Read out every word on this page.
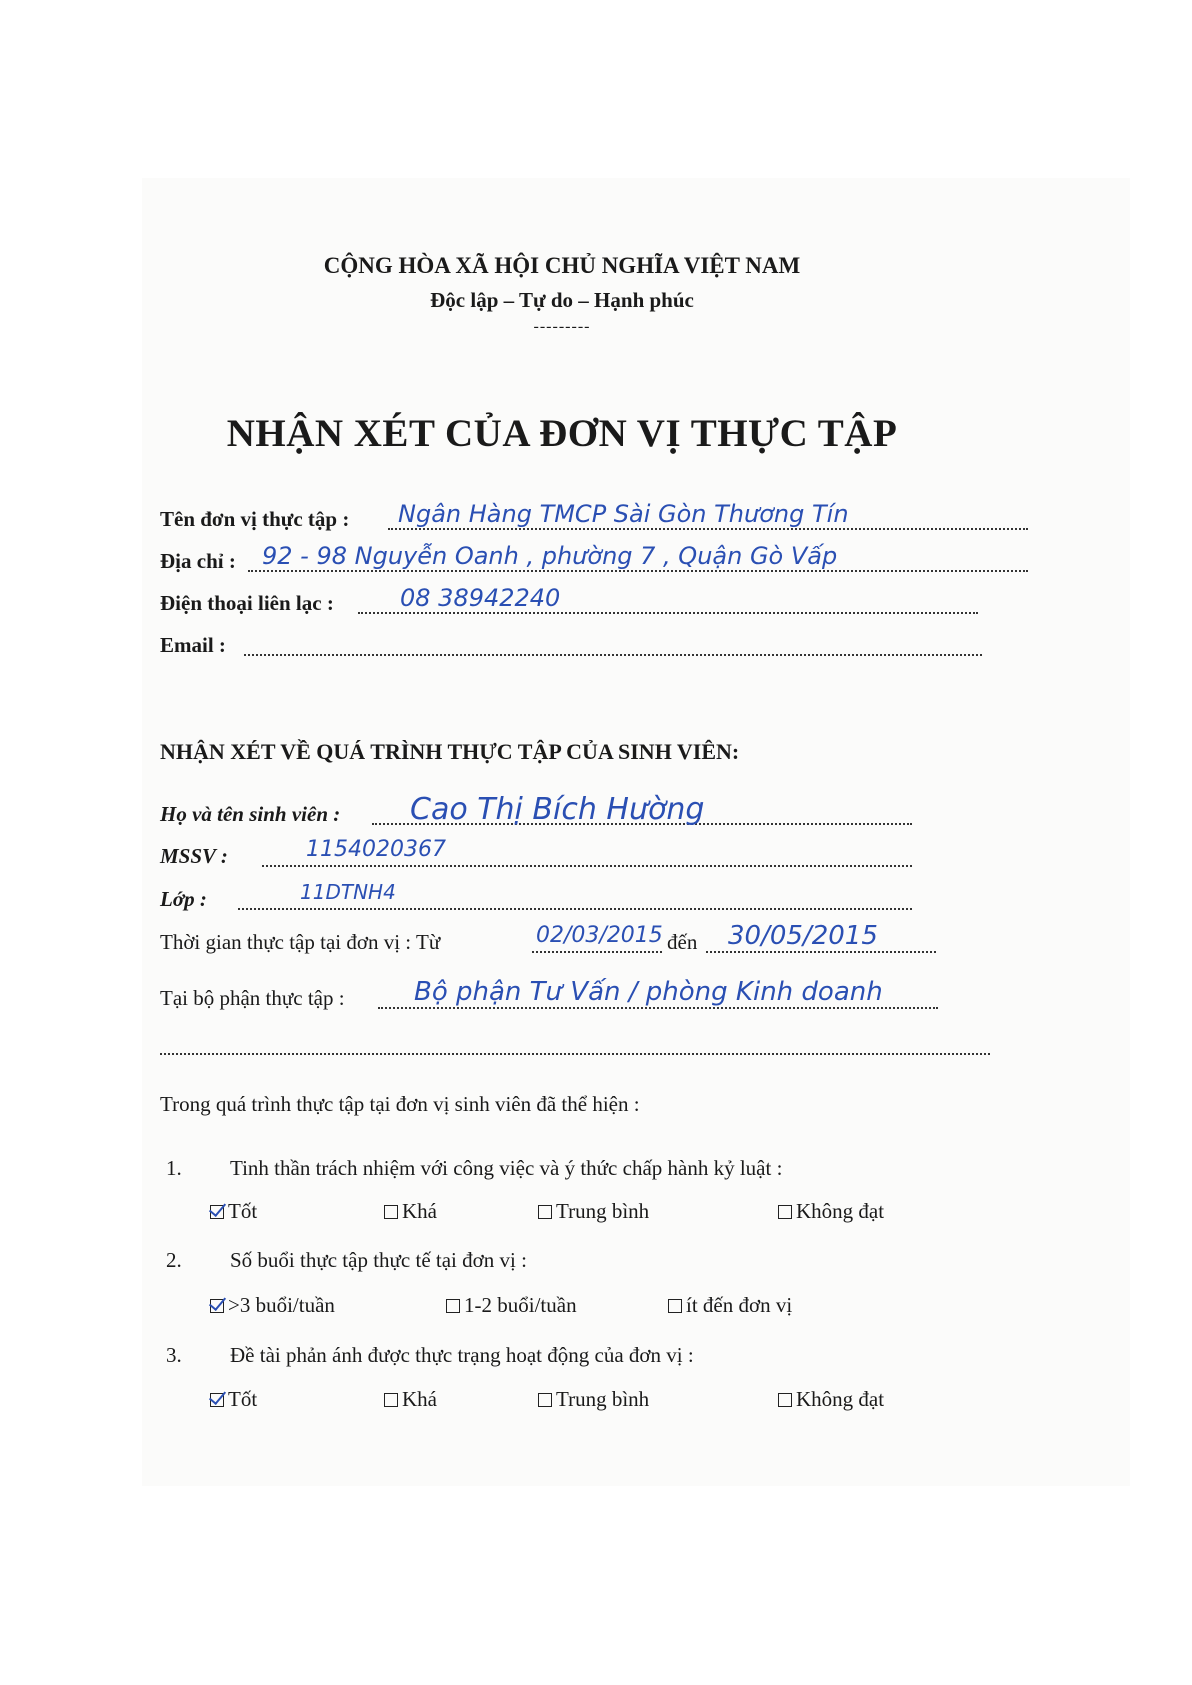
CỘNG HÒA XÃ HỘI CHỦ NGHĨA VIỆT NAM
Độc lập – Tự do – Hạnh phúc
---------
NHẬN XÉT CỦA ĐƠN VỊ THỰC TẬP
Tên đơn vị thực tập : Ngân Hàng TMCP Sài Gòn Thương Tín
Địa chỉ : 92 - 98 Nguyễn Oanh , phường 7 , Quận Gò Vấp
Điện thoại liên lạc :	08 38942240
Email :
NHẬN XÉT VỀ QUÁ TRÌNH THỰC TẬP CỦA SINH VIÊN:
Họ và tên sinh viên : Cao Thị Bích Hường
MSSV :	1154020367
Lớp :	11DTNH4
Thời gian thực tập tại đơn vị : Từ	02/03/2015 đến 30/05/2015
Tại bộ phận thực tập :	Bộ phận Tư Vấn / phòng Kinh doanh
Trong quá trình thực tập tại đơn vị sinh viên đã thể hiện :
1. Tinh thần trách nhiệm với công việc và ý thức chấp hành kỷ luật :
Tốt	Khá	Trung bình	Không đạt
2. Số buổi thực tập thực tế tại đơn vị :
>3 buổi/tuần	1-2 buổi/tuần	ít đến đơn vị
3. Đề tài phản ánh được thực trạng hoạt động của đơn vị :
Tốt	Khá	Trung bình	Không đạt
